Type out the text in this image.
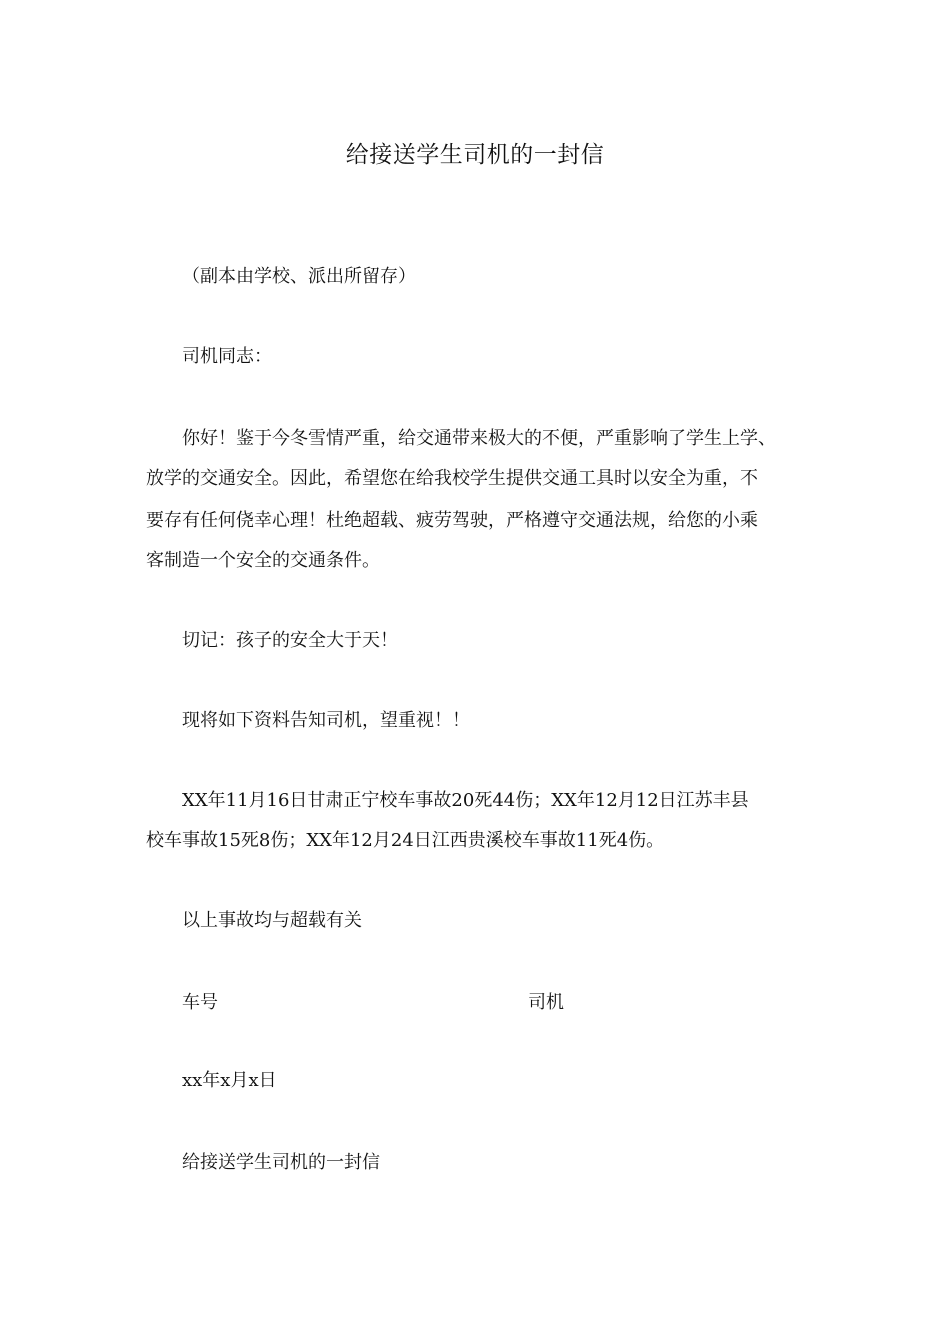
给接送学生司机的一封信
（副本由学校、派出所留存）
司机同志：
你好！鉴于今冬雪情严重，给交通带来极大的不便，严重影响了学生上学、
放学的交通安全。因此，希望您在给我校学生提供交通工具时以安全为重，不
要存有任何侥幸心理！杜绝超载、疲劳驾驶，严格遵守交通法规，给您的小乘
客制造一个安全的交通条件。
切记：孩子的安全大于天！
现将如下资料告知司机，望重视！！
XX年11月16日甘肃正宁校车事故20死44伤；XX年12月12日江苏丰县
校车事故15死8伤；XX年12月24日江西贵溪校车事故11死4伤。
以上事故均与超载有关
车号	司机
xx年x月x日
给接送学生司机的一封信
